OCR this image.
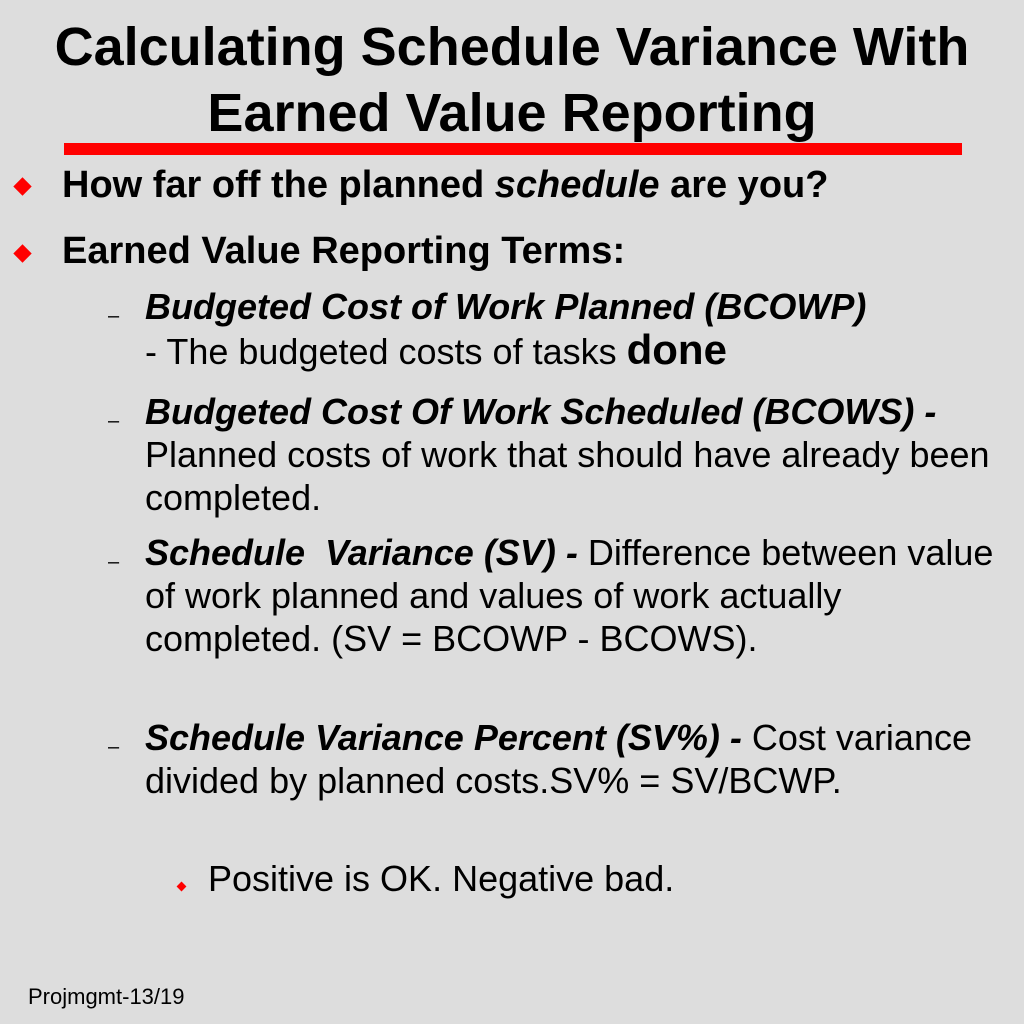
Calculating Schedule Variance With
Earned Value Reporting
How far off the planned schedule are you?
Earned Value Reporting Terms:
– Budgeted Cost of Work Planned (BCOWP)
- The budgeted costs of tasks done
– Budgeted Cost Of Work Scheduled (BCOWS) - Planned costs of work that should have already been completed.
– Schedule  Variance (SV) - Difference between value of work planned and values of work actually completed. (SV = BCOWP - BCOWS).
– Schedule Variance Percent (SV%) - Cost variance divided by planned costs.SV% = SV/BCWP.
Positive is OK. Negative bad.
Projmgmt-13/19
